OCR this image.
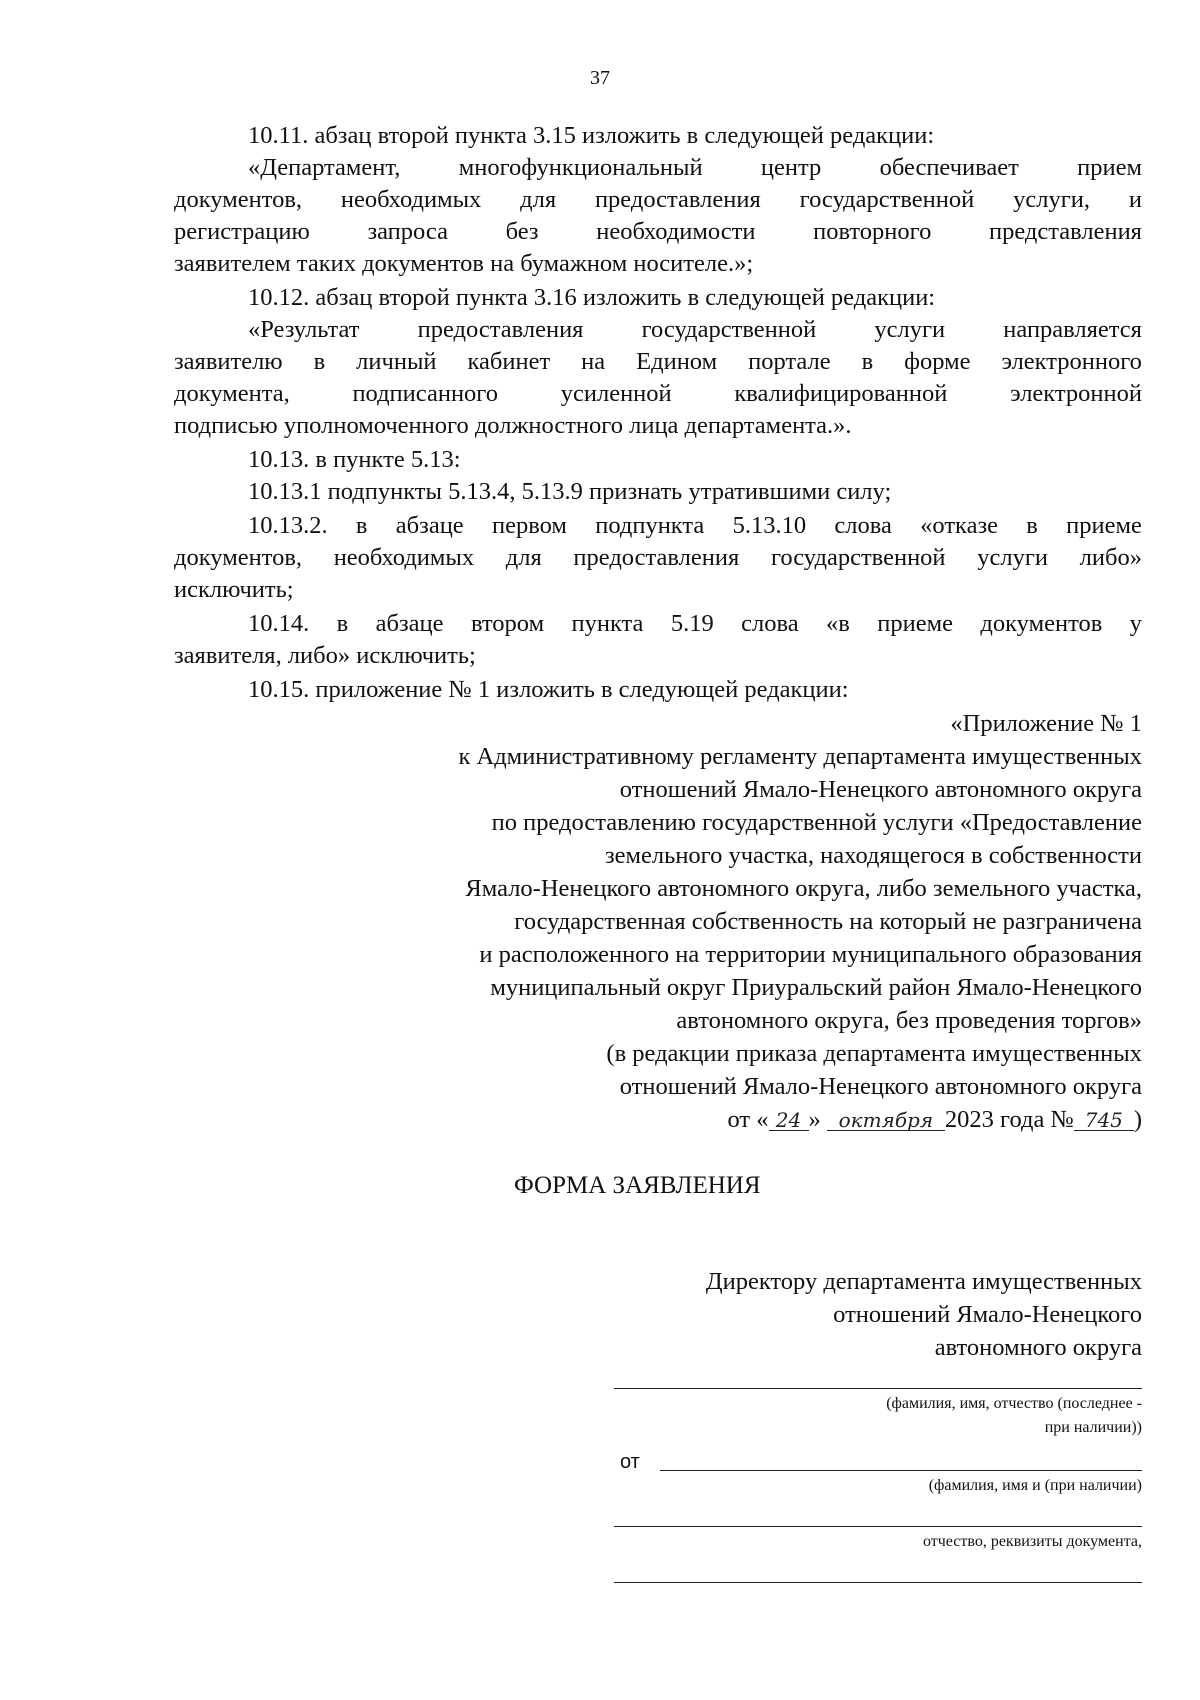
37
10.11. абзац второй пункта 3.15 изложить в следующей редакции:
«Департамент, многофункциональный центр обеспечивает прием
документов, необходимых для предоставления государственной услуги, и
регистрацию запроса без необходимости повторного представления
заявителем таких документов на бумажном носителе.»;
10.12. абзац второй пункта 3.16 изложить в следующей редакции:
«Результат предоставления государственной услуги направляется
заявителю в личный кабинет на Едином портале в форме электронного
документа,	подписанного	усиленной	квалифицированной	электронной
подписью уполномоченного должностного лица департамента.».
10.13. в пункте 5.13:
10.13.1 подпункты 5.13.4, 5.13.9 признать утратившими силу;
10.13.2. в абзаце первом подпункта 5.13.10 слова «отказе в приеме
документов, необходимых для предоставления государственной услуги либо»
исключить;
10.14. в абзаце втором пункта 5.19 слова «в приеме документов у
заявителя, либо» исключить;
10.15. приложение № 1 изложить в следующей редакции:
«Приложение № 1
к Административному регламенту департамента имущественных
отношений Ямало-Ненецкого автономного округа
по предоставлению государственной услуги «Предоставление
земельного участка, находящегося в собственности
Ямало-Ненецкого автономного округа, либо земельного участка,
государственная собственность на который не разграничена
и расположенного на территории муниципального образования
муниципальный округ Приуральский район Ямало-Ненецкого
автономного округа, без проведения торгов»
(в редакции приказа департамента имущественных
отношений Ямало-Ненецкого автономного округа
от « 24 » октября 2023 года № 745 )
ФОРМА ЗАЯВЛЕНИЯ
Директору департамента имущественных
отношений Ямало-Ненецкого
автономного округа
(фамилия, имя, отчество (последнее -
при наличии))
от
(фамилия, имя и (при наличии)
отчество, реквизиты документа,
